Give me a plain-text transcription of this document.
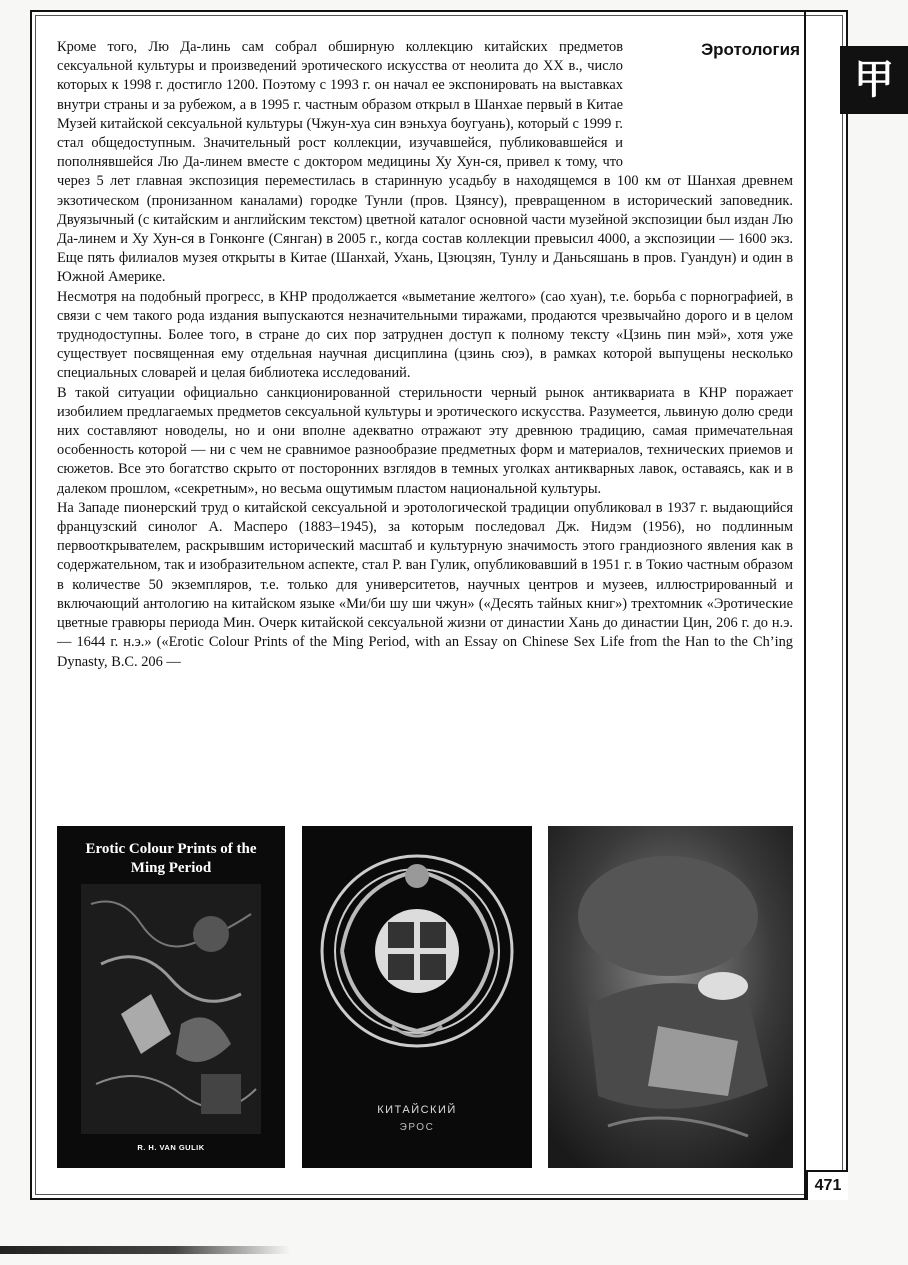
Эротология
甲

Кроме того, Лю Да-линь сам собрал обширную коллекцию китайских предметов сексуальной культуры и произведений эротического искусства от неолита до XX в., число которых к 1998 г. достигло 1200. Поэтому с 1993 г. он начал ее экспонировать на выставках внутри страны и за рубежом, а в 1995 г. частным образом открыл в Шанхае первый в Китае Музей китайской сексуальной культуры (Чжун-хуа син вэньхуа боугуань), который с 1999 г. стал общедоступным. Значительный рост коллекции, изучавшейся, публиковавшейся и пополнявшейся Лю Да-линем вместе с доктором медицины Ху Хун-ся, привел к тому, что через 5 лет главная экспозиция переместилась в старинную усадьбу в находящемся в 100 км от Шанхая древнем экзотическом (пронизанном каналами) городке Тунли (пров. Цзянсу), превращенном в исторический заповедник. Двуязычный (с китайским и английским текстом) цветной каталог основной части музейной экспозиции был издан Лю Да-линем и Ху Хун-ся в Гонконге (Сянган) в 2005 г., когда состав коллекции превысил 4000, а экспозиции — 1600 экз. Еще пять филиалов музея открыты в Китае (Шанхай, Ухань, Цзюцзян, Тунлу и Даньсяшань в пров. Гуандун) и один в Южной Америке.

Несмотря на подобный прогресс, в КНР продолжается «выметание желтого» (сао хуан), т.е. борьба с порнографией, в связи с чем такого рода издания выпускаются незначительными тиражами, продаются чрезвычайно дорого и в целом труднодоступны. Более того, в стране до сих пор затруднен доступ к полному тексту «Цзинь пин мэй», хотя уже существует посвященная ему отдельная научная дисциплина (цзинь сюэ), в рамках которой выпущены несколько специальных словарей и целая библиотека исследований.

В такой ситуации официально санкционированной стерильности черный рынок антиквариата в КНР поражает изобилием предлагаемых предметов сексуальной культуры и эротического искусства. Разумеется, львиную долю среди них составляют новоделы, но и они вполне адекватно отражают эту древнюю традицию, самая примечательная особенность которой — ни с чем не сравнимое разнообразие предметных форм и материалов, технических приемов и сюжетов. Все это богатство скрыто от посторонних взглядов в темных уголках антикварных лавок, оставаясь, как и в далеком прошлом, «секретным», но весьма ощутимым пластом национальной культуры.

На Западе пионерский труд о китайской сексуальной и эротологической традиции опубликовал в 1937 г. выдающийся французский синолог А. Масперо (1883–1945), за которым последовал Дж. Нидэм (1956), но подлинным первооткрывателем, раскрывшим исторический масштаб и культурную значимость этого грандиозного явления как в содержательном, так и изобразительном аспекте, стал Р. ван Гулик, опубликовавший в 1951 г. в Токио частным образом в количестве 50 экземпляров, т.е. только для университетов, научных центров и музеев, иллюстрированный и включающий антологию на китайском языке «Ми/би шу ши чжун» («Десять тайных книг») трехтомник «Эротические цветные гравюры периода Мин. Очерк китайской сексуальной жизни от династии Хань до династии Цин, 206 г. до н.э. — 1644 г. н.э.» («Erotic Colour Prints of the Ming Period, with an Essay on Chinese Sex Life from the Han to the Ch’ing Dynasty, B.C. 206 —

Erotic Colour Prints of the Ming Period
R. H. VAN GULIK
КИТАЙСКИЙ
ЭРОС
471
